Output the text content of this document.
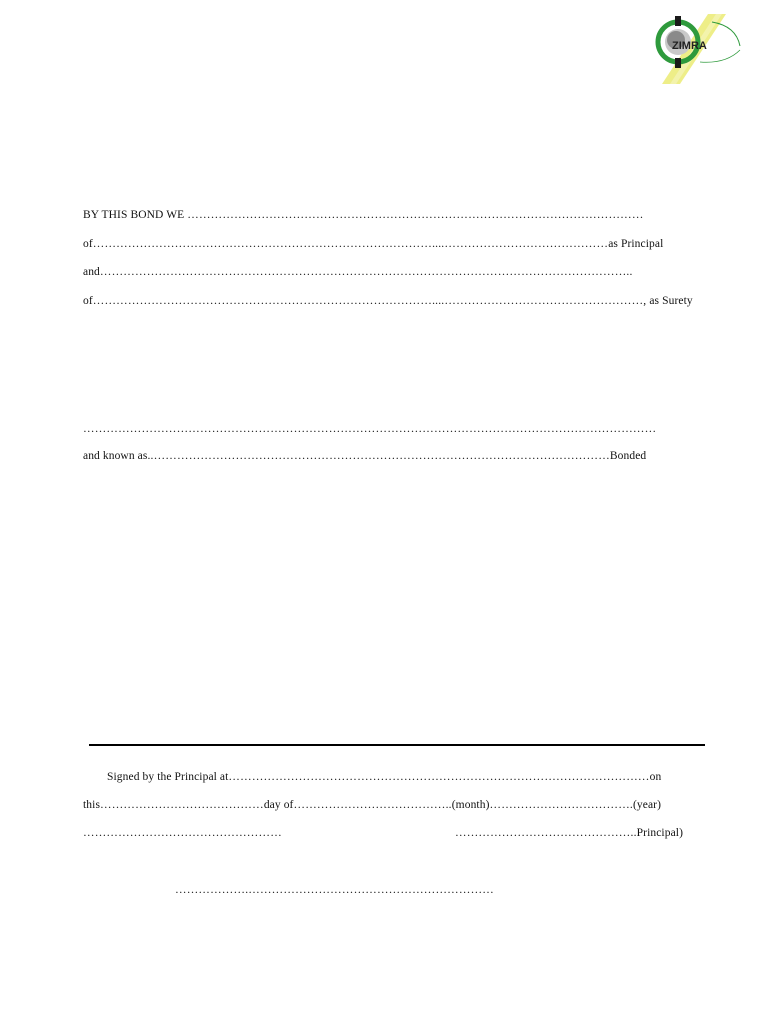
ZIMRA
BY THIS BOND WE ………………………………………………………………………………………………………
of……………………………………………………………………………....……………………………………as Principal
and………………………………………………………………………………………………………………………..
of……………………………………………………………………………....……………………………………………, as Surety
…………………………………………………………………………………………………………………………………
and known as..………………………………………………………………………………………………………Bonded
Signed by the Principal at………………………………………………………………………………………………on
this……………………………………day of…………………………………..(month)……………………………….(year)
……………………………………………	………………………………………..Principal)
……………….………………………………………………………
